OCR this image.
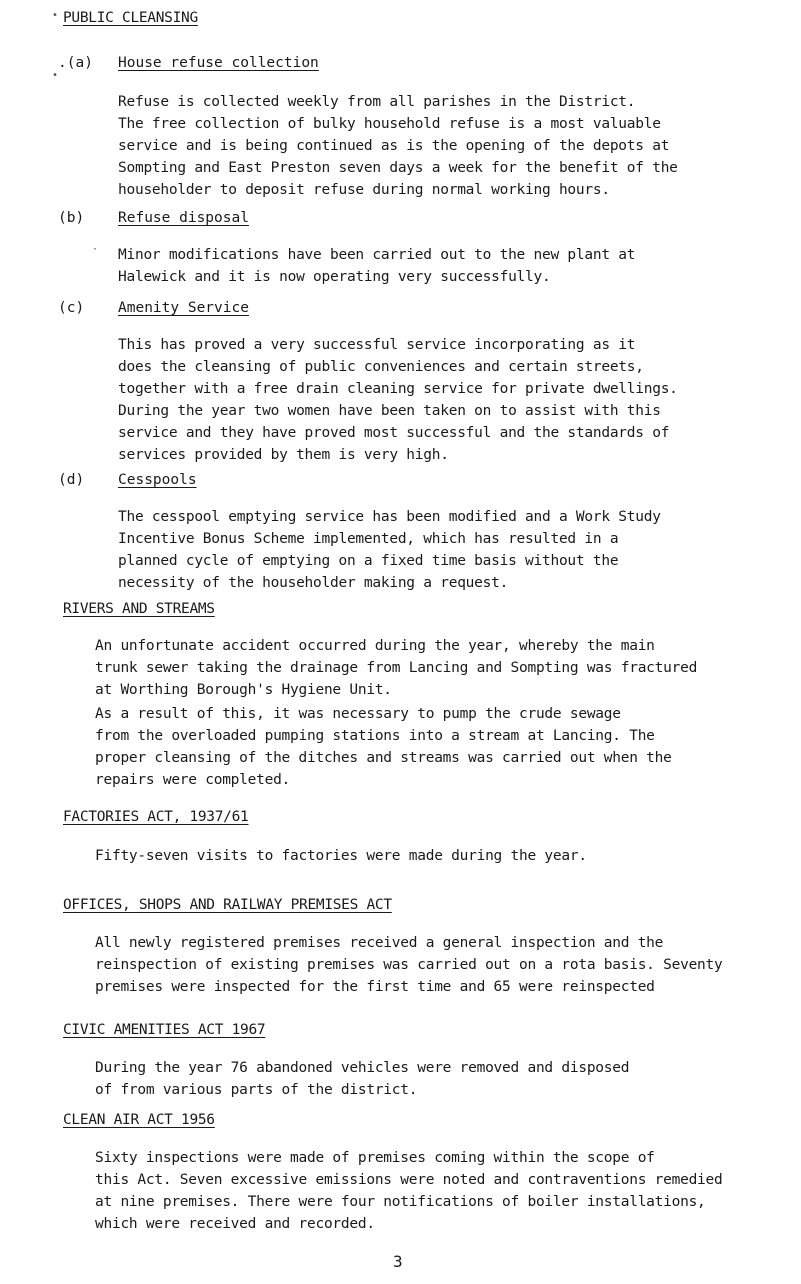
• PUBLIC CLEANSING
•
.(a) House refuse collection

Refuse is collected weekly from all parishes in the District.
The free collection of bulky household refuse is a most valuable
service and is being continued as is the opening of the depots at
Sompting and East Preston seven days a week for the benefit of the
householder to deposit refuse during normal working hours.

(b) Refuse disposal
· Minor modifications have been carried out to the new plant at
Halewick and it is now operating very successfully.

(c) Amenity Service

This has proved a very successful service incorporating as it
does the cleansing of public conveniences and certain streets,
together with a free drain cleaning service for private dwellings.
During the year two women have been taken on to assist with this
service and they have proved most successful and the standards of
services provided by them is very high.

(d) Cesspools

The cesspool emptying service has been modified and a Work Study
Incentive Bonus Scheme implemented, which has resulted in a
planned cycle of emptying on a fixed time basis without the
necessity of the householder making a request.

RIVERS AND STREAMS

An unfortunate accident occurred during the year, whereby the main
trunk sewer taking the drainage from Lancing and Sompting was fractured
at Worthing Borough's Hygiene Unit.

As a result of this, it was necessary to pump the crude sewage
from the overloaded pumping stations into a stream at Lancing. The
proper cleansing of the ditches and streams was carried out when the
repairs were completed.

FACTORIES ACT, 1937/61

Fifty-seven visits to factories were made during the year.

OFFICES, SHOPS AND RAILWAY PREMISES ACT

All newly registered premises received a general inspection and the
reinspection of existing premises was carried out on a rota basis. Seventy
premises were inspected for the first time and 65 were reinspected

CIVIC AMENITIES ACT 1967

During the year 76 abandoned vehicles were removed and disposed
of from various parts of the district.

CLEAN AIR ACT 1956

Sixty inspections were made of premises coming within the scope of
this Act. Seven excessive emissions were noted and contraventions remedied
at nine premises. There were four notifications of boiler installations,
which were received and recorded.

3
